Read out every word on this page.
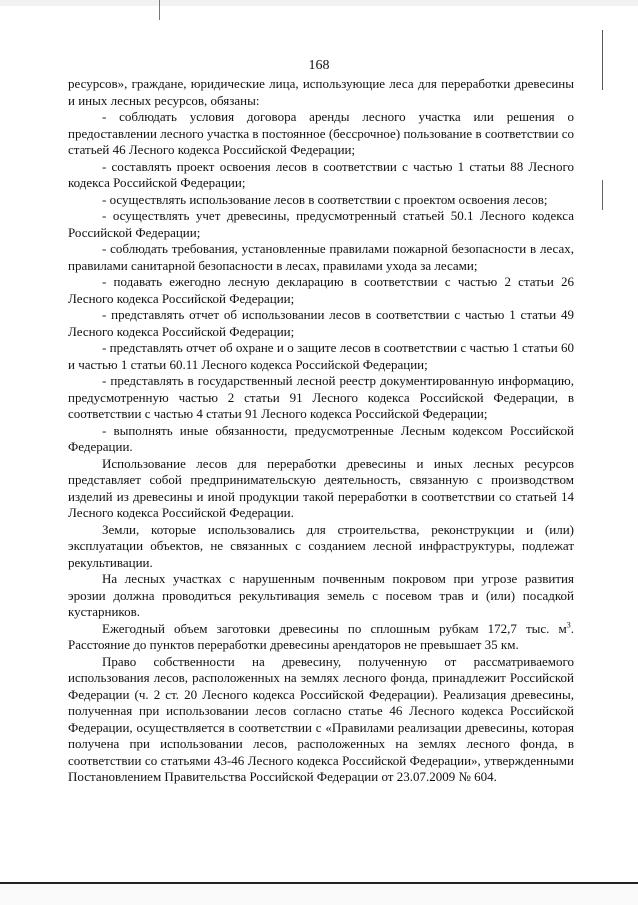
168

ресурсов», граждане, юридические лица, использующие леса для переработки древесины и иных лесных ресурсов, обязаны:

- соблюдать условия договора аренды лесного участка или решения о предоставлении лесного участка в постоянное (бессрочное) пользование в соответствии со статьей 46 Лесного кодекса Российской Федерации;

- составлять проект освоения лесов в соответствии с частью 1 статьи 88 Лесного кодекса Российской Федерации;

- осуществлять использование лесов в соответствии с проектом освоения лесов;

- осуществлять учет древесины, предусмотренный статьей 50.1 Лесного кодекса Российской Федерации;

- соблюдать требования, установленные правилами пожарной безопасности в лесах, правилами санитарной безопасности в лесах, правилами ухода за лесами;

- подавать ежегодно лесную декларацию в соответствии с частью 2 статьи 26 Лесного кодекса Российской Федерации;

- представлять отчет об использовании лесов в соответствии с частью 1 статьи 49 Лесного кодекса Российской Федерации;

- представлять отчет об охране и о защите лесов в соответствии с частью 1 статьи 60 и частью 1 статьи 60.11 Лесного кодекса Российской Федерации;

- представлять в государственный лесной реестр документированную информацию, предусмотренную частью 2 статьи 91 Лесного кодекса Российской Федерации, в соответствии с частью 4 статьи 91 Лесного кодекса Российской Федерации;

- выполнять иные обязанности, предусмотренные Лесным кодексом Российской Федерации.

Использование лесов для переработки древесины и иных лесных ресурсов представляет собой предпринимательскую деятельность, связанную с производством изделий из древесины и иной продукции такой переработки в соответствии со статьей 14 Лесного кодекса Российской Федерации.

Земли, которые использовались для строительства, реконструкции и (или) эксплуатации объектов, не связанных с созданием лесной инфраструктуры, подлежат рекультивации.

На лесных участках с нарушенным почвенным покровом при угрозе развития эрозии должна проводиться рекультивация земель с посевом трав и (или) посадкой кустарников.

Ежегодный объем заготовки древесины по сплошным рубкам 172,7 тыс. $м^3$. Расстояние до пунктов переработки древесины арендаторов не превышает 35 км.

Право собственности на древесину, полученную от рассматриваемого использования лесов, расположенных на землях лесного фонда, принадлежит Российской Федерации (ч. 2 ст. 20 Лесного кодекса Российской Федерации). Реализация древесины, полученная при использовании лесов согласно статье 46 Лесного кодекса Российской Федерации, осуществляется в соответствии с «Правилами реализации древесины, которая получена при использовании лесов, расположенных на землях лесного фонда, в соответствии со статьями 43-46 Лесного кодекса Российской Федерации», утвержденными Постановлением Правительства Российской Федерации от 23.07.2009 № 604.
